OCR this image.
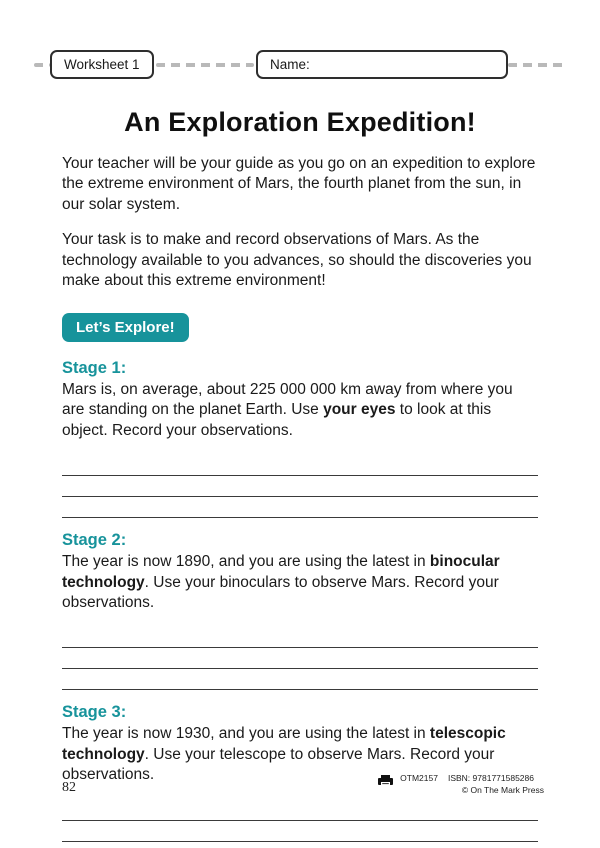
Worksheet 1	Name:
An Exploration Expedition!

Your teacher will be your guide as you go on an expedition to explore the extreme environment of Mars, the fourth planet from the sun, in our solar system.

Your task is to make and record observations of Mars. As the technology available to you advances, so should the discoveries you make about this extreme environment!

Let’s Explore!
Stage 1:
Mars is, on average, about 225 000 000 km away from where you are standing on the planet Earth. Use your eyes to look at this object. Record your observations.
Stage 2:
The year is now 1890, and you are using the latest in binocular technology. Use your binoculars to observe Mars. Record your observations.
Stage 3:
The year is now 1930, and you are using the latest in telescopic technology. Use your telescope to observe Mars. Record your observations.
82
OTM2157 ISBN: 9781771585286
© On The Mark Press
